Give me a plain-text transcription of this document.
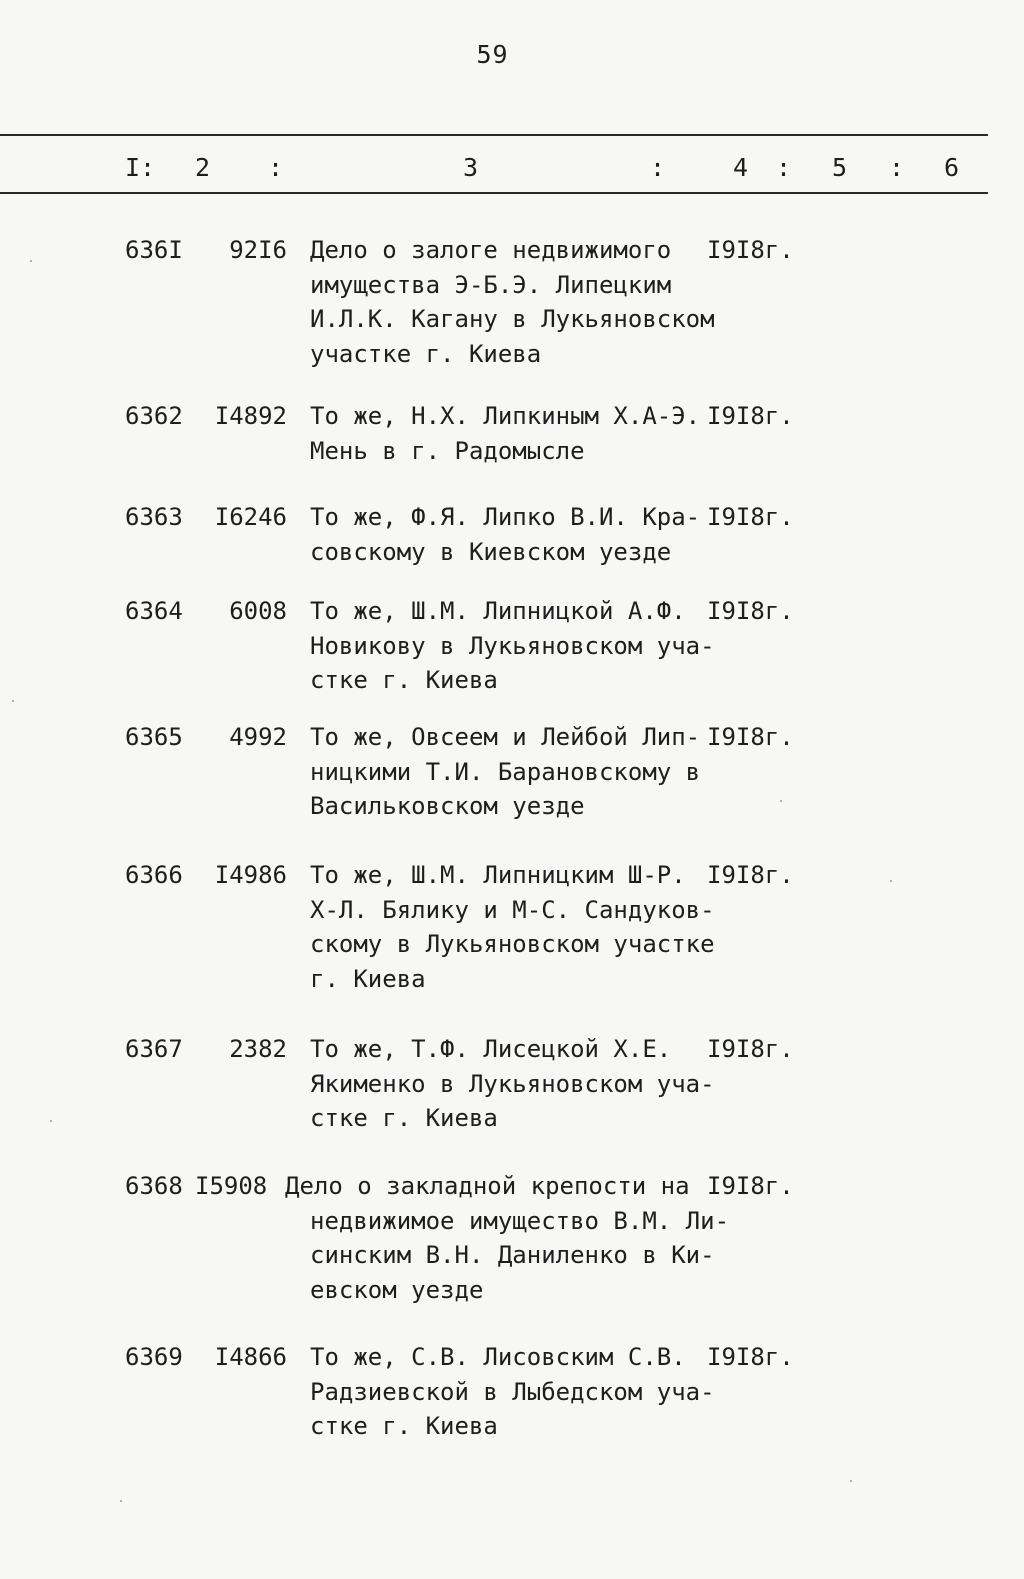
59
I: 2 :	3	:	4 : 5 : 6
636I	92I6 Дело о залоге недвижимого
имущества Э-Б.Э. Липецким
И.Л.К. Кагану в Лукьяновском
участке г. Киева
I9I8г.
6362	I4892 То же, Н.Х. Липкиным Х.А-Э.
Мень в г. Радомысле
I9I8г.
6363	I6246 То же, Ф.Я. Липко В.И. Кра-
совскому в Киевском уезде
I9I8г.
6364	6008 То же, Ш.М. Липницкой А.Ф.
Новикову в Лукьяновском уча-
стке г. Киева
I9I8г.
6365	4992 То же, Овсеем и Лейбой Лип-
ницкими Т.И. Барановскому в
Васильковском уезде
I9I8г.
6366	I4986 То же, Ш.М. Липницким Ш-Р.
Х-Л. Бялику и М-С. Сандуков-
скому в Лукьяновском участке
г. Киева
I9I8г.
6367	2382 То же, Т.Ф. Лисецкой Х.Е.
Якименко в Лукьяновском уча-
стке г. Киева
I9I8г.
6368 I5908 Дело о закладной крепости на
недвижимое имущество В.М. Ли-
синским В.Н. Даниленко в Ки-
евском уезде
I9I8г.
6369	I4866 То же, С.В. Лисовским С.В.
Радзиевской в Лыбедском уча-
стке г. Киева
I9I8г.
